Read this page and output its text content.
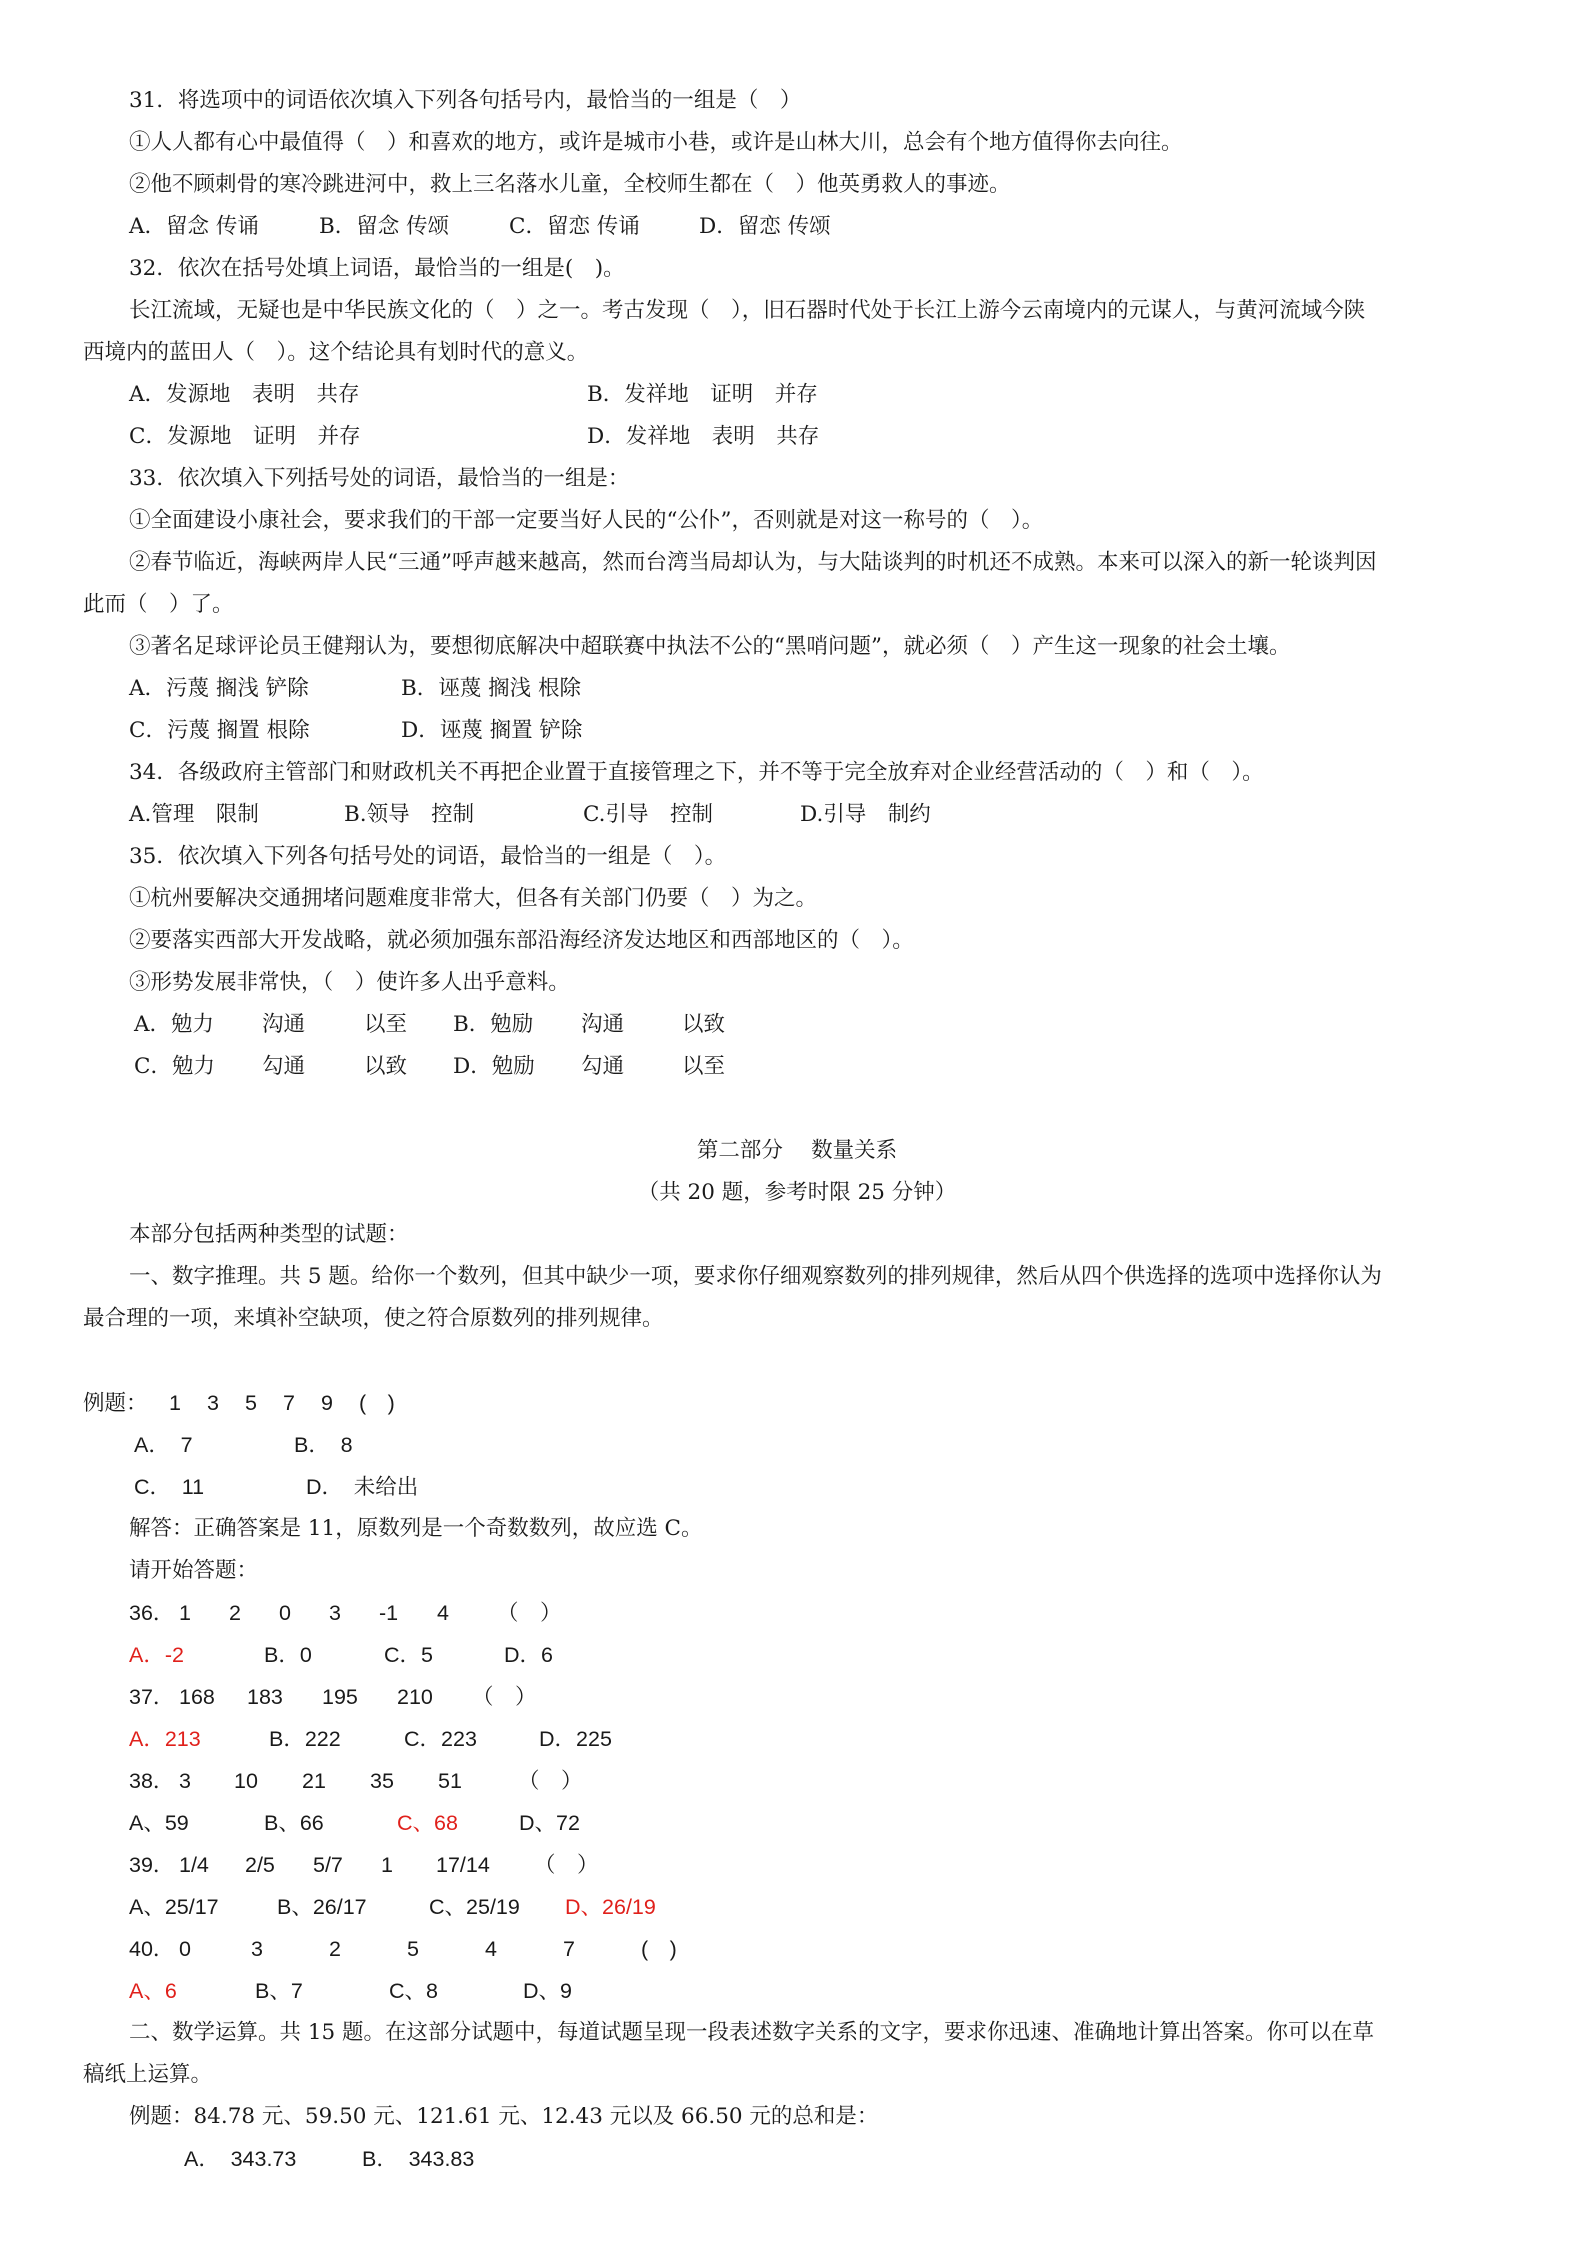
31．将选项中的词语依次填入下列各句括号内，最恰当的一组是（　）
①人人都有心中最值得（　）和喜欢的地方，或许是城市小巷，或许是山林大川，总会有个地方值得你去向往。
②他不顾刺骨的寒冷跳进河中，救上三名落水儿童，全校师生都在（　）他英勇救人的事迹。
A．留念 传诵	B．留念 传颂	C．留恋 传诵	D．留恋 传颂
32．依次在括号处填上词语，最恰当的一组是(　)。
长江流域，无疑也是中华民族文化的（　）之一。考古发现（　），旧石器时代处于长江上游今云南境内的元谋人，与黄河流域今陕
西境内的蓝田人（　）。这个结论具有划时代的意义。
A．发源地　表明　共存	B．发祥地　证明　并存
C．发源地　证明　并存	D．发祥地　表明　共存
33．依次填入下列括号处的词语，最恰当的一组是：
①全面建设小康社会，要求我们的干部一定要当好人民的“公仆”，否则就是对这一称号的（　）。
②春节临近，海峡两岸人民“三通”呼声越来越高，然而台湾当局却认为，与大陆谈判的时机还不成熟。本来可以深入的新一轮谈判因
此而（　）了。
③著名足球评论员王健翔认为，要想彻底解决中超联赛中执法不公的“黑哨问题”，就必须（　）产生这一现象的社会土壤。
A．污蔑 搁浅 铲除	B．诬蔑 搁浅 根除
C．污蔑 搁置 根除	D．诬蔑 搁置 铲除
34．各级政府主管部门和财政机关不再把企业置于直接管理之下，并不等于完全放弃对企业经营活动的（　）和（　）。
A.管理　限制	B.领导　控制	C.引导　控制	D.引导　制约
35．依次填入下列各句括号处的词语，最恰当的一组是（　）。
①杭州要解决交通拥堵问题难度非常大，但各有关部门仍要（　）为之。
②要落实西部大开发战略，就必须加强东部沿海经济发达地区和西部地区的（　）。
③形势发展非常快，（　）使许多人出乎意料。
A．勉力 沟通	以至 B．勉励 沟通	以致
C．勉力 勾通	以致 D．勉励 勾通	以至
第二部分　 数量关系
（共 20 题，参考时限 25 分钟）
本部分包括两种类型的试题：
一、数字推理。共 5 题。给你一个数列，但其中缺少一项，要求你仔细观察数列的排列规律，然后从四个供选择的选项中选择你认为
最合理的一项，来填补空缺项，使之符合原数列的排列规律。
例题： 1 3 5 7 9 (　)
A．　7	B．　8
C．　11	D．　未给出
解答：正确答案是 11，原数列是一个奇数数列，故应选 C。
请开始答题：
36． 1 2 0 3 -1 4 （　）
A．-2	B．0	C．5	D．6
37． 168 183 195 210 （　）
A．213	B．222	C．223	D．225
38． 3 10 21 35 51	（　）
A、59	B、66	C、68	D、72
39． 1/4 2/5 5/7 1 17/14 （　）
A、25/17	B、26/17	C、25/19 D、26/19
40． 0	3	2	5	4	7	(　)
A、6	B、7	C、8	D、9
二、数学运算。共 15 题。在这部分试题中，每道试题呈现一段表述数字关系的文字，要求你迅速、准确地计算出答案。你可以在草
稿纸上运算。
例题：84.78 元、59.50 元、121.61 元、12.43 元以及 66.50 元的总和是：
A．　343.73	B．　343.83
